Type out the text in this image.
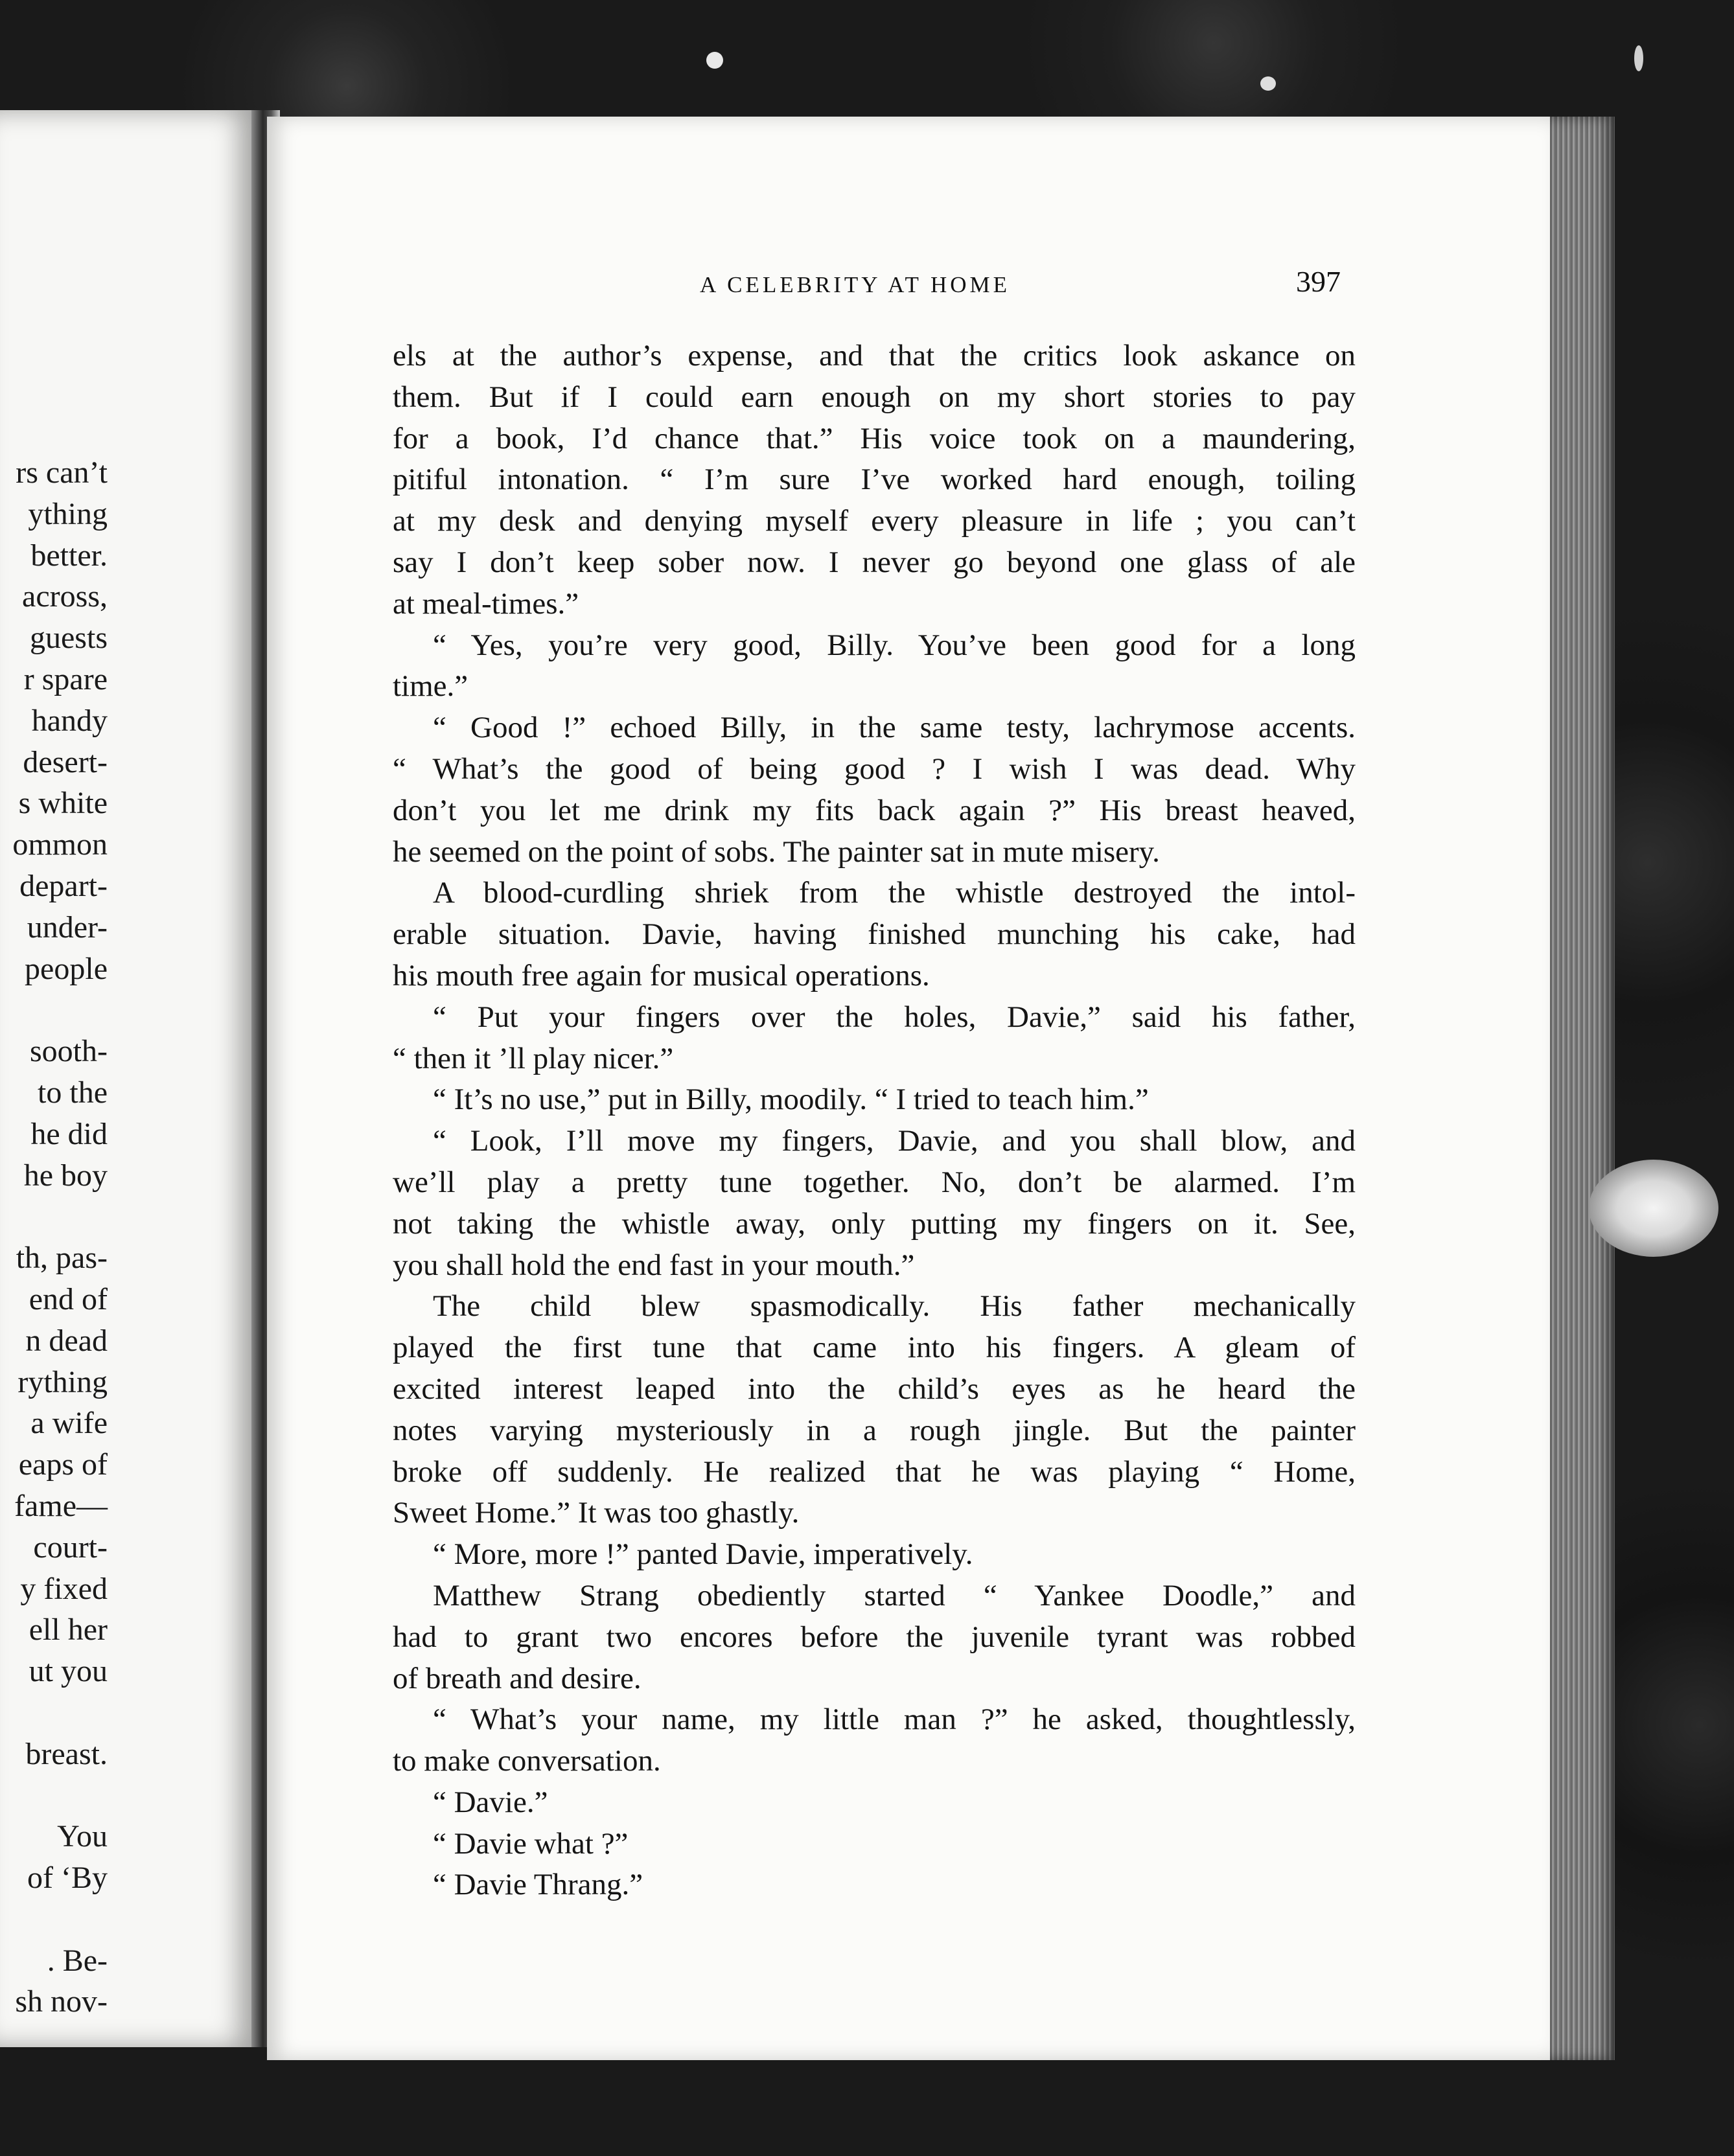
rs can’t
ything
better.
across,
guests
r spare
handy
desert-
s white
ommon
depart-
under-
people
sooth-
to the
he did
he boy
th, pas-
end of
n dead
rything
a wife
eaps of
fame—
court-
y fixed
ell her
ut you
breast.
You
of ‘By
. Be-
sh nov-
A CELEBRITY AT HOME	397
els at the author’s expense, and that the critics look askance on
them. But if I could earn enough on my short stories to pay
for a book, I’d chance that.” His voice took on a maundering,
pitiful intonation. “ I’m sure I’ve worked hard enough, toiling
at my desk and denying myself every pleasure in life ; you can’t
say I don’t keep sober now. I never go beyond one glass of ale
at meal-times.”
“ Yes, you’re very good, Billy. You’ve been good for a long
time.”
“ Good !” echoed Billy, in the same testy, lachrymose accents.
“ What’s the good of being good ? I wish I was dead. Why
don’t you let me drink my fits back again ?” His breast heaved,
he seemed on the point of sobs. The painter sat in mute misery.
A blood-curdling shriek from the whistle destroyed the intol-
erable situation. Davie, having finished munching his cake, had
his mouth free again for musical operations.
“ Put your fingers over the holes, Davie,” said his father,
“ then it ’ll play nicer.”
“ It’s no use,” put in Billy, moodily. “ I tried to teach him.”
“ Look, I’ll move my fingers, Davie, and you shall blow, and
we’ll play a pretty tune together. No, don’t be alarmed. I’m
not taking the whistle away, only putting my fingers on it. See,
you shall hold the end fast in your mouth.”
The child blew spasmodically. His father mechanically
played the first tune that came into his fingers. A gleam of
excited interest leaped into the child’s eyes as he heard the
notes varying mysteriously in a rough jingle. But the painter
broke off suddenly. He realized that he was playing “ Home,
Sweet Home.” It was too ghastly.
“ More, more !” panted Davie, imperatively.
Matthew Strang obediently started “ Yankee Doodle,” and
had to grant two encores before the juvenile tyrant was robbed
of breath and desire.
“ What’s your name, my little man ?” he asked, thoughtlessly,
to make conversation.
“ Davie.”
“ Davie what ?”
“ Davie Thrang.”
